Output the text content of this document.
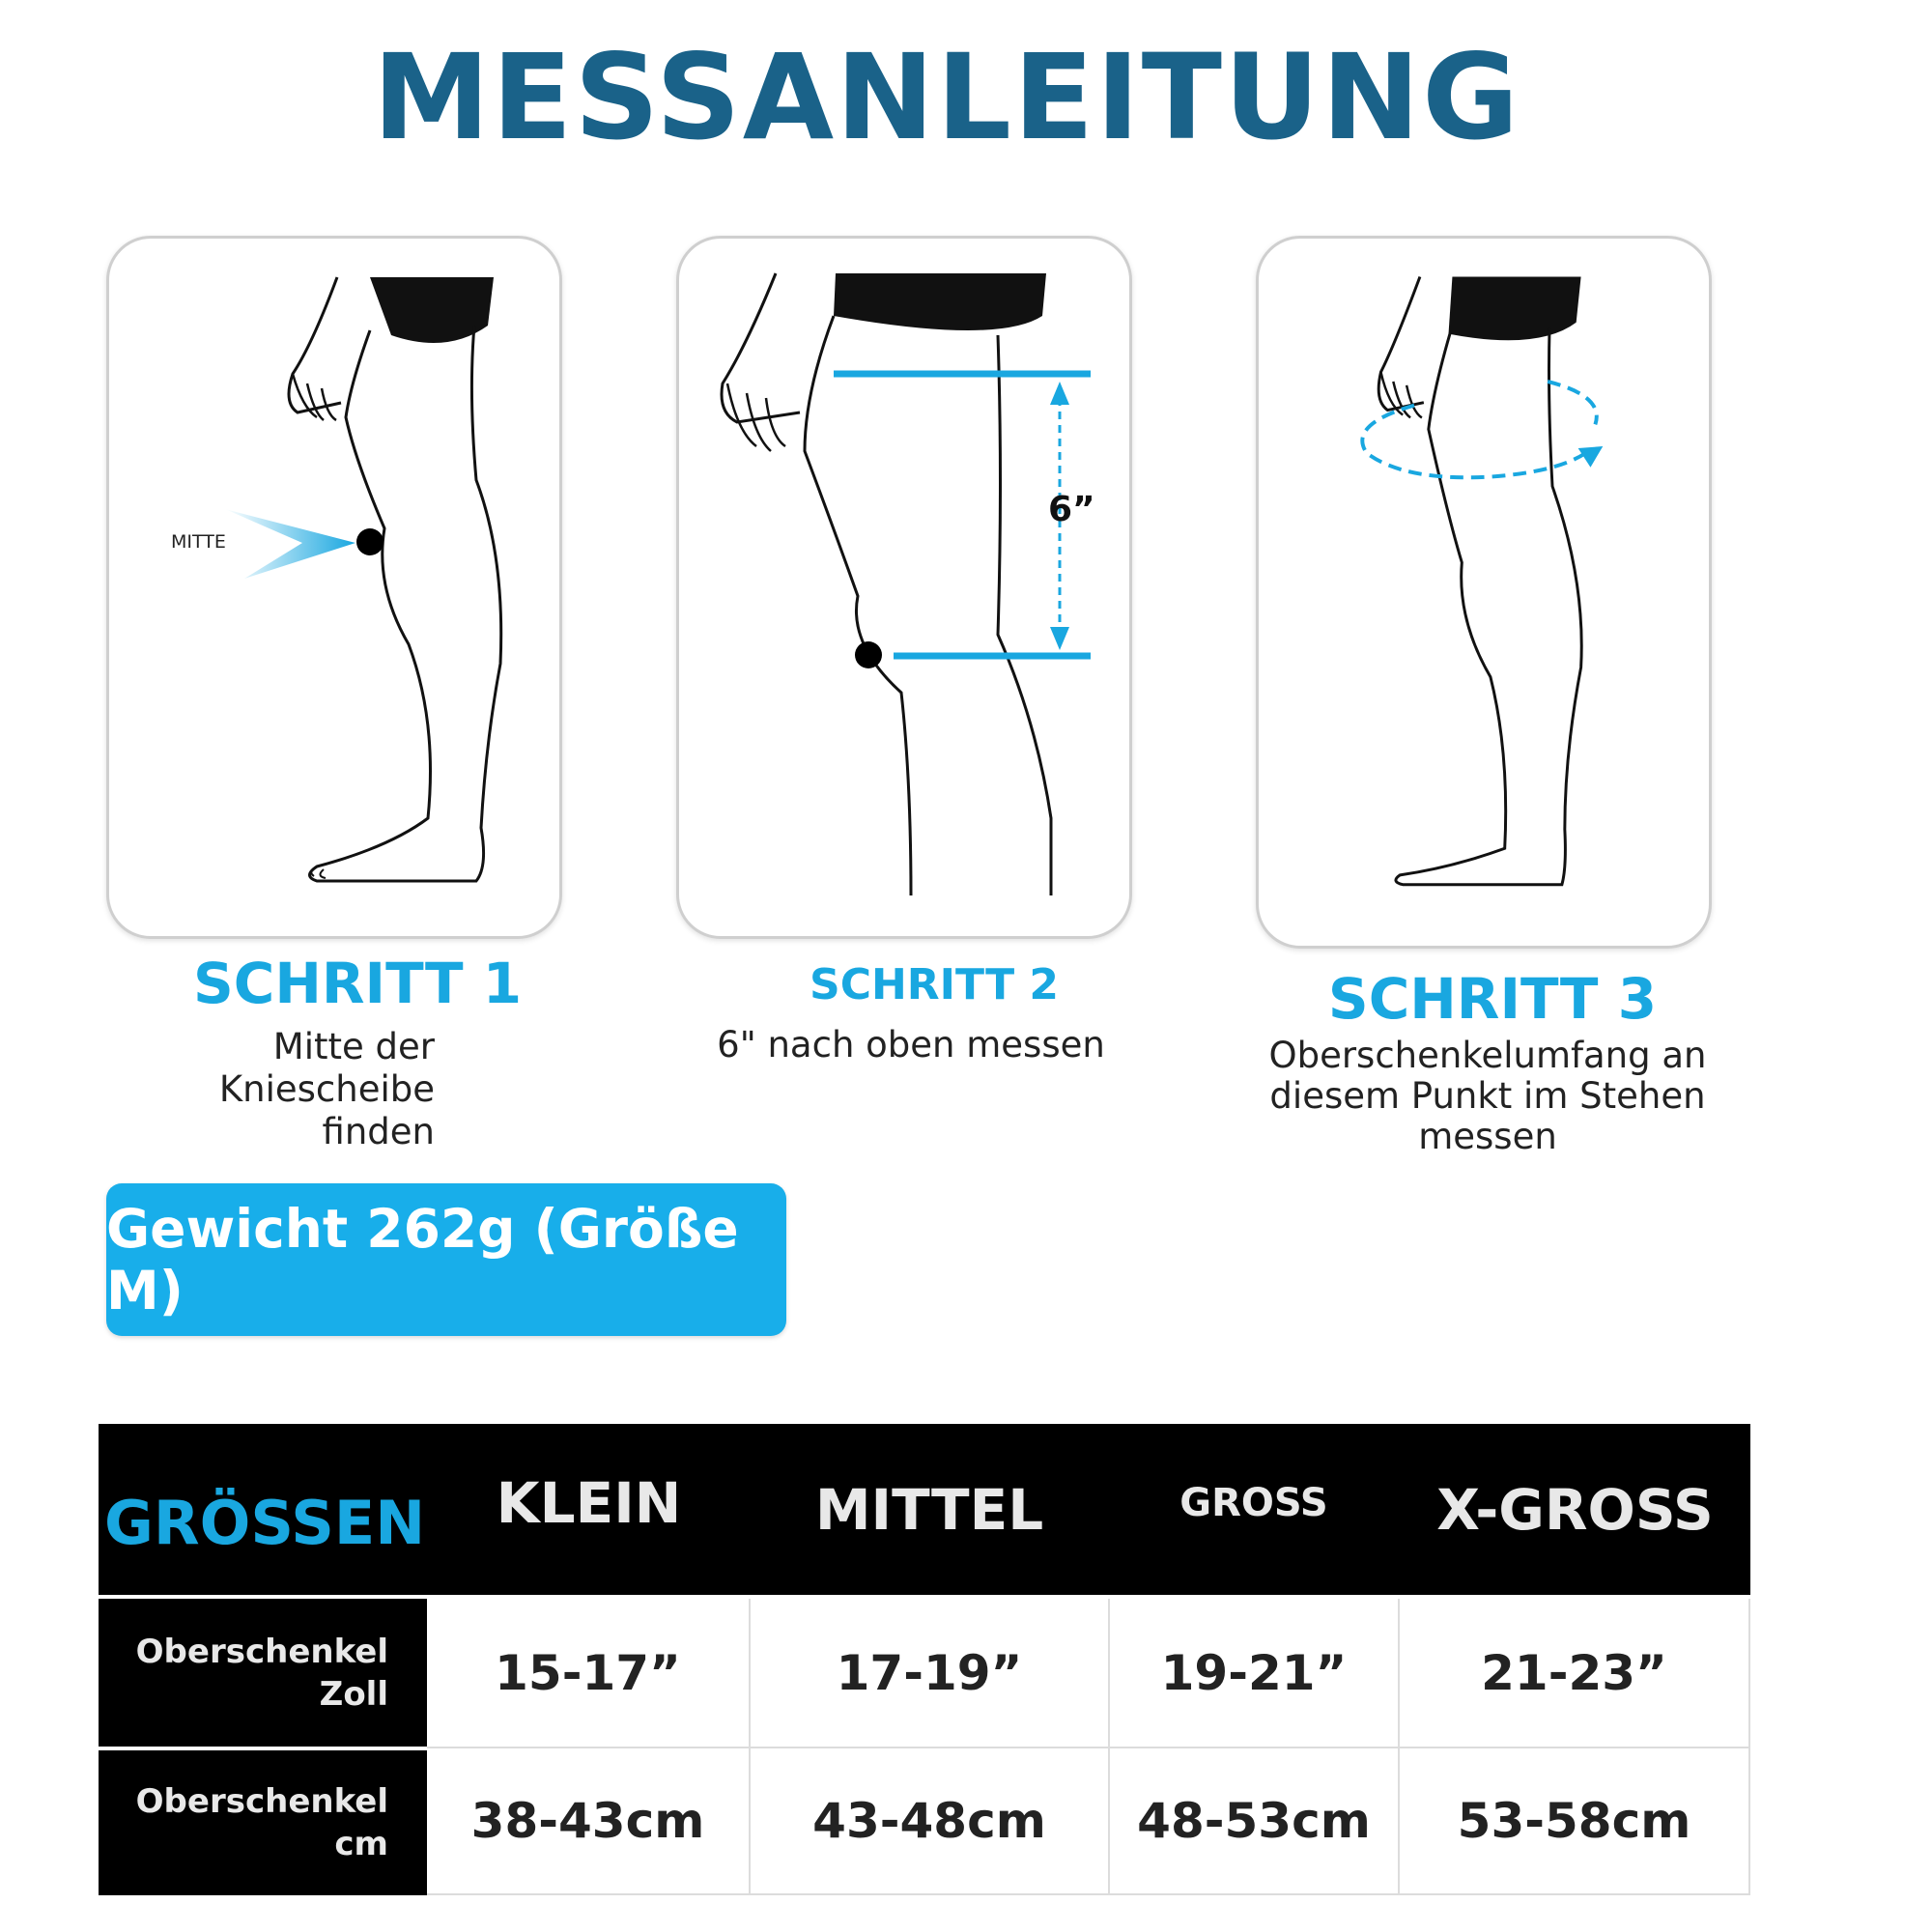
MESSANLEITUNG
MITTE
6”
SCHRITT 1
Mitte der Kniescheibe
finden
SCHRITT 2
6" nach oben messen
SCHRITT 3
Oberschenkelumfang an
diesem Punkt im Stehen
messen
Gewicht 262g (Größe M)
GRÖSSEN	KLEIN	MITTEL	GROSS	X-GROSS
Oberschenkel
Zoll	15-17”	17-19”	19-21”	21-23”
Oberschenkel cm	38-43cm	43-48cm	48-53cm	53-58cm
